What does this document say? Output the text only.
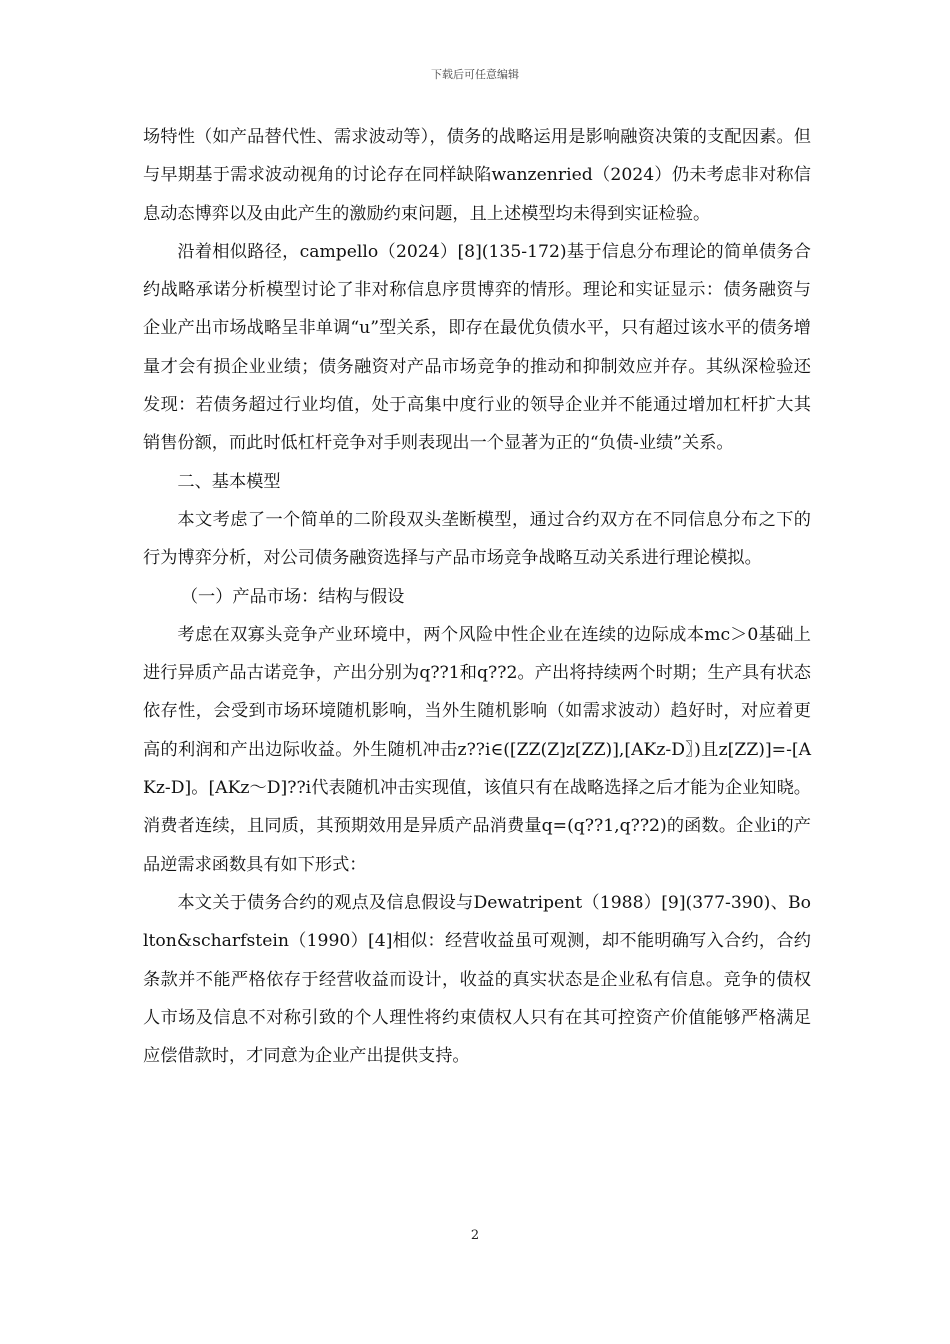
下载后可任意编辑

场特性（如产品替代性、需求波动等），债务的战略运用是影响融资决策的支配因素。但与早期基于需求波动视角的讨论存在同样缺陷wanzenried（2024）仍未考虑非对称信息动态博弈以及由此产生的激励约束问题，且上述模型均未得到实证检验。

沿着相似路径，campello（2024）[8](135-172)基于信息分布理论的简单债务合约战略承诺分析模型讨论了非对称信息序贯博弈的情形。理论和实证显示：债务融资与企业产出市场战略呈非单调“u”型关系，即存在最优负债水平，只有超过该水平的债务增量才会有损企业业绩；债务融资对产品市场竞争的推动和抑制效应并存。其纵深检验还发现：若债务超过行业均值，处于高集中度行业的领导企业并不能通过增加杠杆扩大其销售份额，而此时低杠杆竞争对手则表现出一个显著为正的“负债-业绩”关系。

二、基本模型

本文考虑了一个简单的二阶段双头垄断模型，通过合约双方在不同信息分布之下的行为博弈分析，对公司债务融资选择与产品市场竞争战略互动关系进行理论模拟。

（一）产品市场：结构与假设

考虑在双寡头竞争产业环境中，两个风险中性企业在连续的边际成本mc＞0基础上进行异质产品古诺竞争，产出分别为q??1和q??2。产出将持续两个时期；生产具有状态依存性，会受到市场环境随机影响，当外生随机影响（如需求波动）趋好时，对应着更高的利润和产出边际收益。外生随机冲击z??i∈([ZZ(Z]z[ZZ)],[AKz-D〗)且z[ZZ)]=-[AKz-D]。[AKz～D]??i代表随机冲击实现值，该值只有在战略选择之后才能为企业知晓。消费者连续，且同质，其预期效用是异质产品消费量q=(q??1,q??2)的函数。企业i的产品逆需求函数具有如下形式：

本文关于债务合约的观点及信息假设与Dewatripent（1988）[9](377-390)、Bolton&scharfstein（1990）[4]相似：经营收益虽可观测，却不能明确写入合约，合约条款并不能严格依存于经营收益而设计，收益的真实状态是企业私有信息。竞争的债权人市场及信息不对称引致的个人理性将约束债权人只有在其可控资产价值能够严格满足应偿借款时，才同意为企业产出提供支持。

2
